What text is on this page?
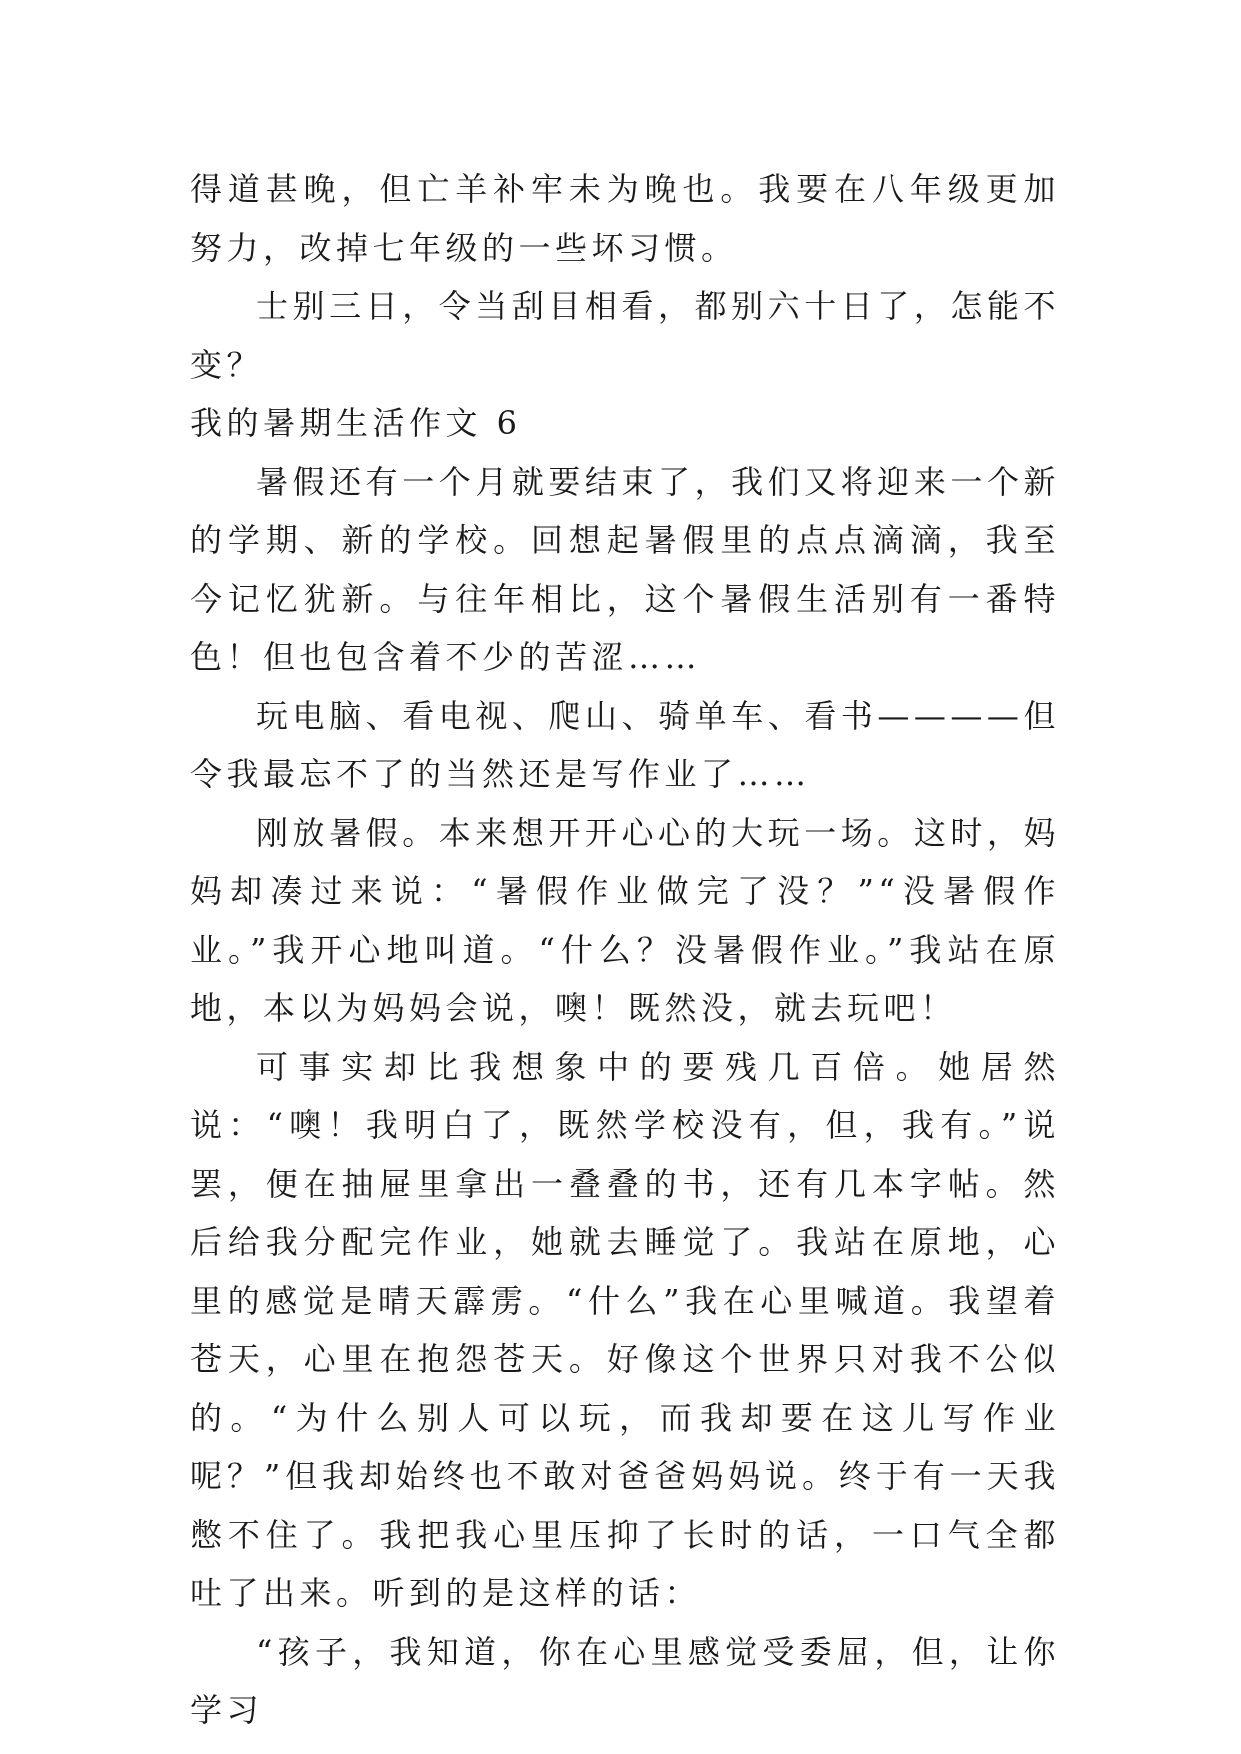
得道甚晚，但亡羊补牢未为晚也。我要在八年级更加努力，改掉七年级的一些坏习惯。

士别三日，令当刮目相看，都别六十日了，怎能不变？

我的暑期生活作文 6

暑假还有一个月就要结束了，我们又将迎来一个新的学期、新的学校。回想起暑假里的点点滴滴，我至今记忆犹新。与往年相比，这个暑假生活别有一番特色！但也包含着不少的苦涩……

玩电脑、看电视、爬山、骑单车、看书————但令我最忘不了的当然还是写作业了……

刚放暑假。本来想开开心心的大玩一场。这时，妈妈却凑过来说：“暑假作业做完了没？”“没暑假作业。”我开心地叫道。“什么？没暑假作业。”我站在原地，本以为妈妈会说，噢！既然没，就去玩吧！

可事实却比我想象中的要残几百倍。她居然说：“噢！我明白了，既然学校没有，但，我有。”说罢，便在抽屉里拿出一叠叠的书，还有几本字帖。然后给我分配完作业，她就去睡觉了。我站在原地，心里的感觉是晴天霹雳。“什么”我在心里喊道。我望着苍天，心里在抱怨苍天。好像这个世界只对我不公似的。“为什么别人可以玩，而我却要在这儿写作业呢？”但我却始终也不敢对爸爸妈妈说。终于有一天我憋不住了。我把我心里压抑了长时的话，一口气全都吐了出来。听到的是这样的话：

“孩子，我知道，你在心里感觉受委屈，但，让你学习
